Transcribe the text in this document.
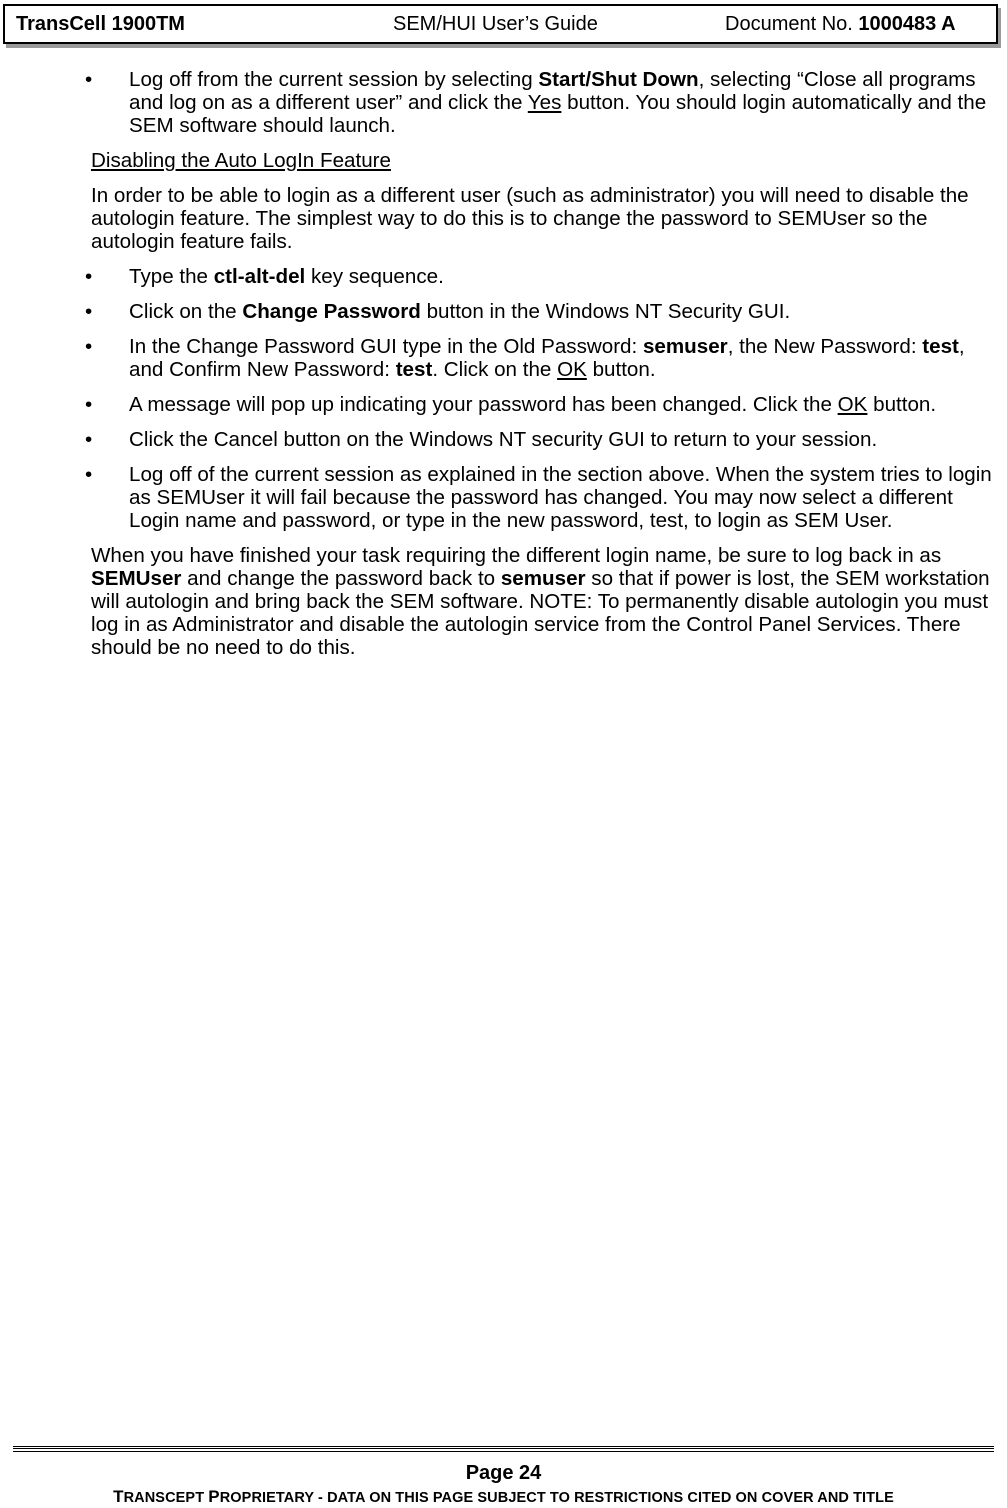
TransCell 1900TM	SEM/HUI User’s Guide	Document No. 1000483 A
• Log off from the current session by selecting Start/Shut Down, selecting “Close all programs and log on as a different user” and click the Yes button. You should login automatically and the SEM software should launch.
Disabling the Auto LogIn Feature
In order to be able to login as a different user (such as administrator) you will need to disable the autologin feature. The simplest way to do this is to change the password to SEMUser so the autologin feature fails.
• Type the ctl-alt-del key sequence.
• Click on the Change Password button in the Windows NT Security GUI.
• In the Change Password GUI type in the Old Password: semuser, the New Password: test, and Confirm New Password: test. Click on the OK button.
• A message will pop up indicating your password has been changed. Click the OK button.
• Click the Cancel button on the Windows NT security GUI to return to your session.
• Log off of the current session as explained in the section above. When the system tries to login as SEMUser it will fail because the password has changed. You may now select a different Login name and password, or type in the new password, test, to login as SEM User.
When you have finished your task requiring the different login name, be sure to log back in as SEMUser and change the password back to semuser so that if power is lost, the SEM workstation will autologin and bring back the SEM software. NOTE: To permanently disable autologin you must log in as Administrator and disable the autologin service from the Control Panel Services. There should be no need to do this.
Page 24
TRANSCEPT PROPRIETARY - DATA ON THIS PAGE SUBJECT TO RESTRICTIONS CITED ON COVER AND TITLE
